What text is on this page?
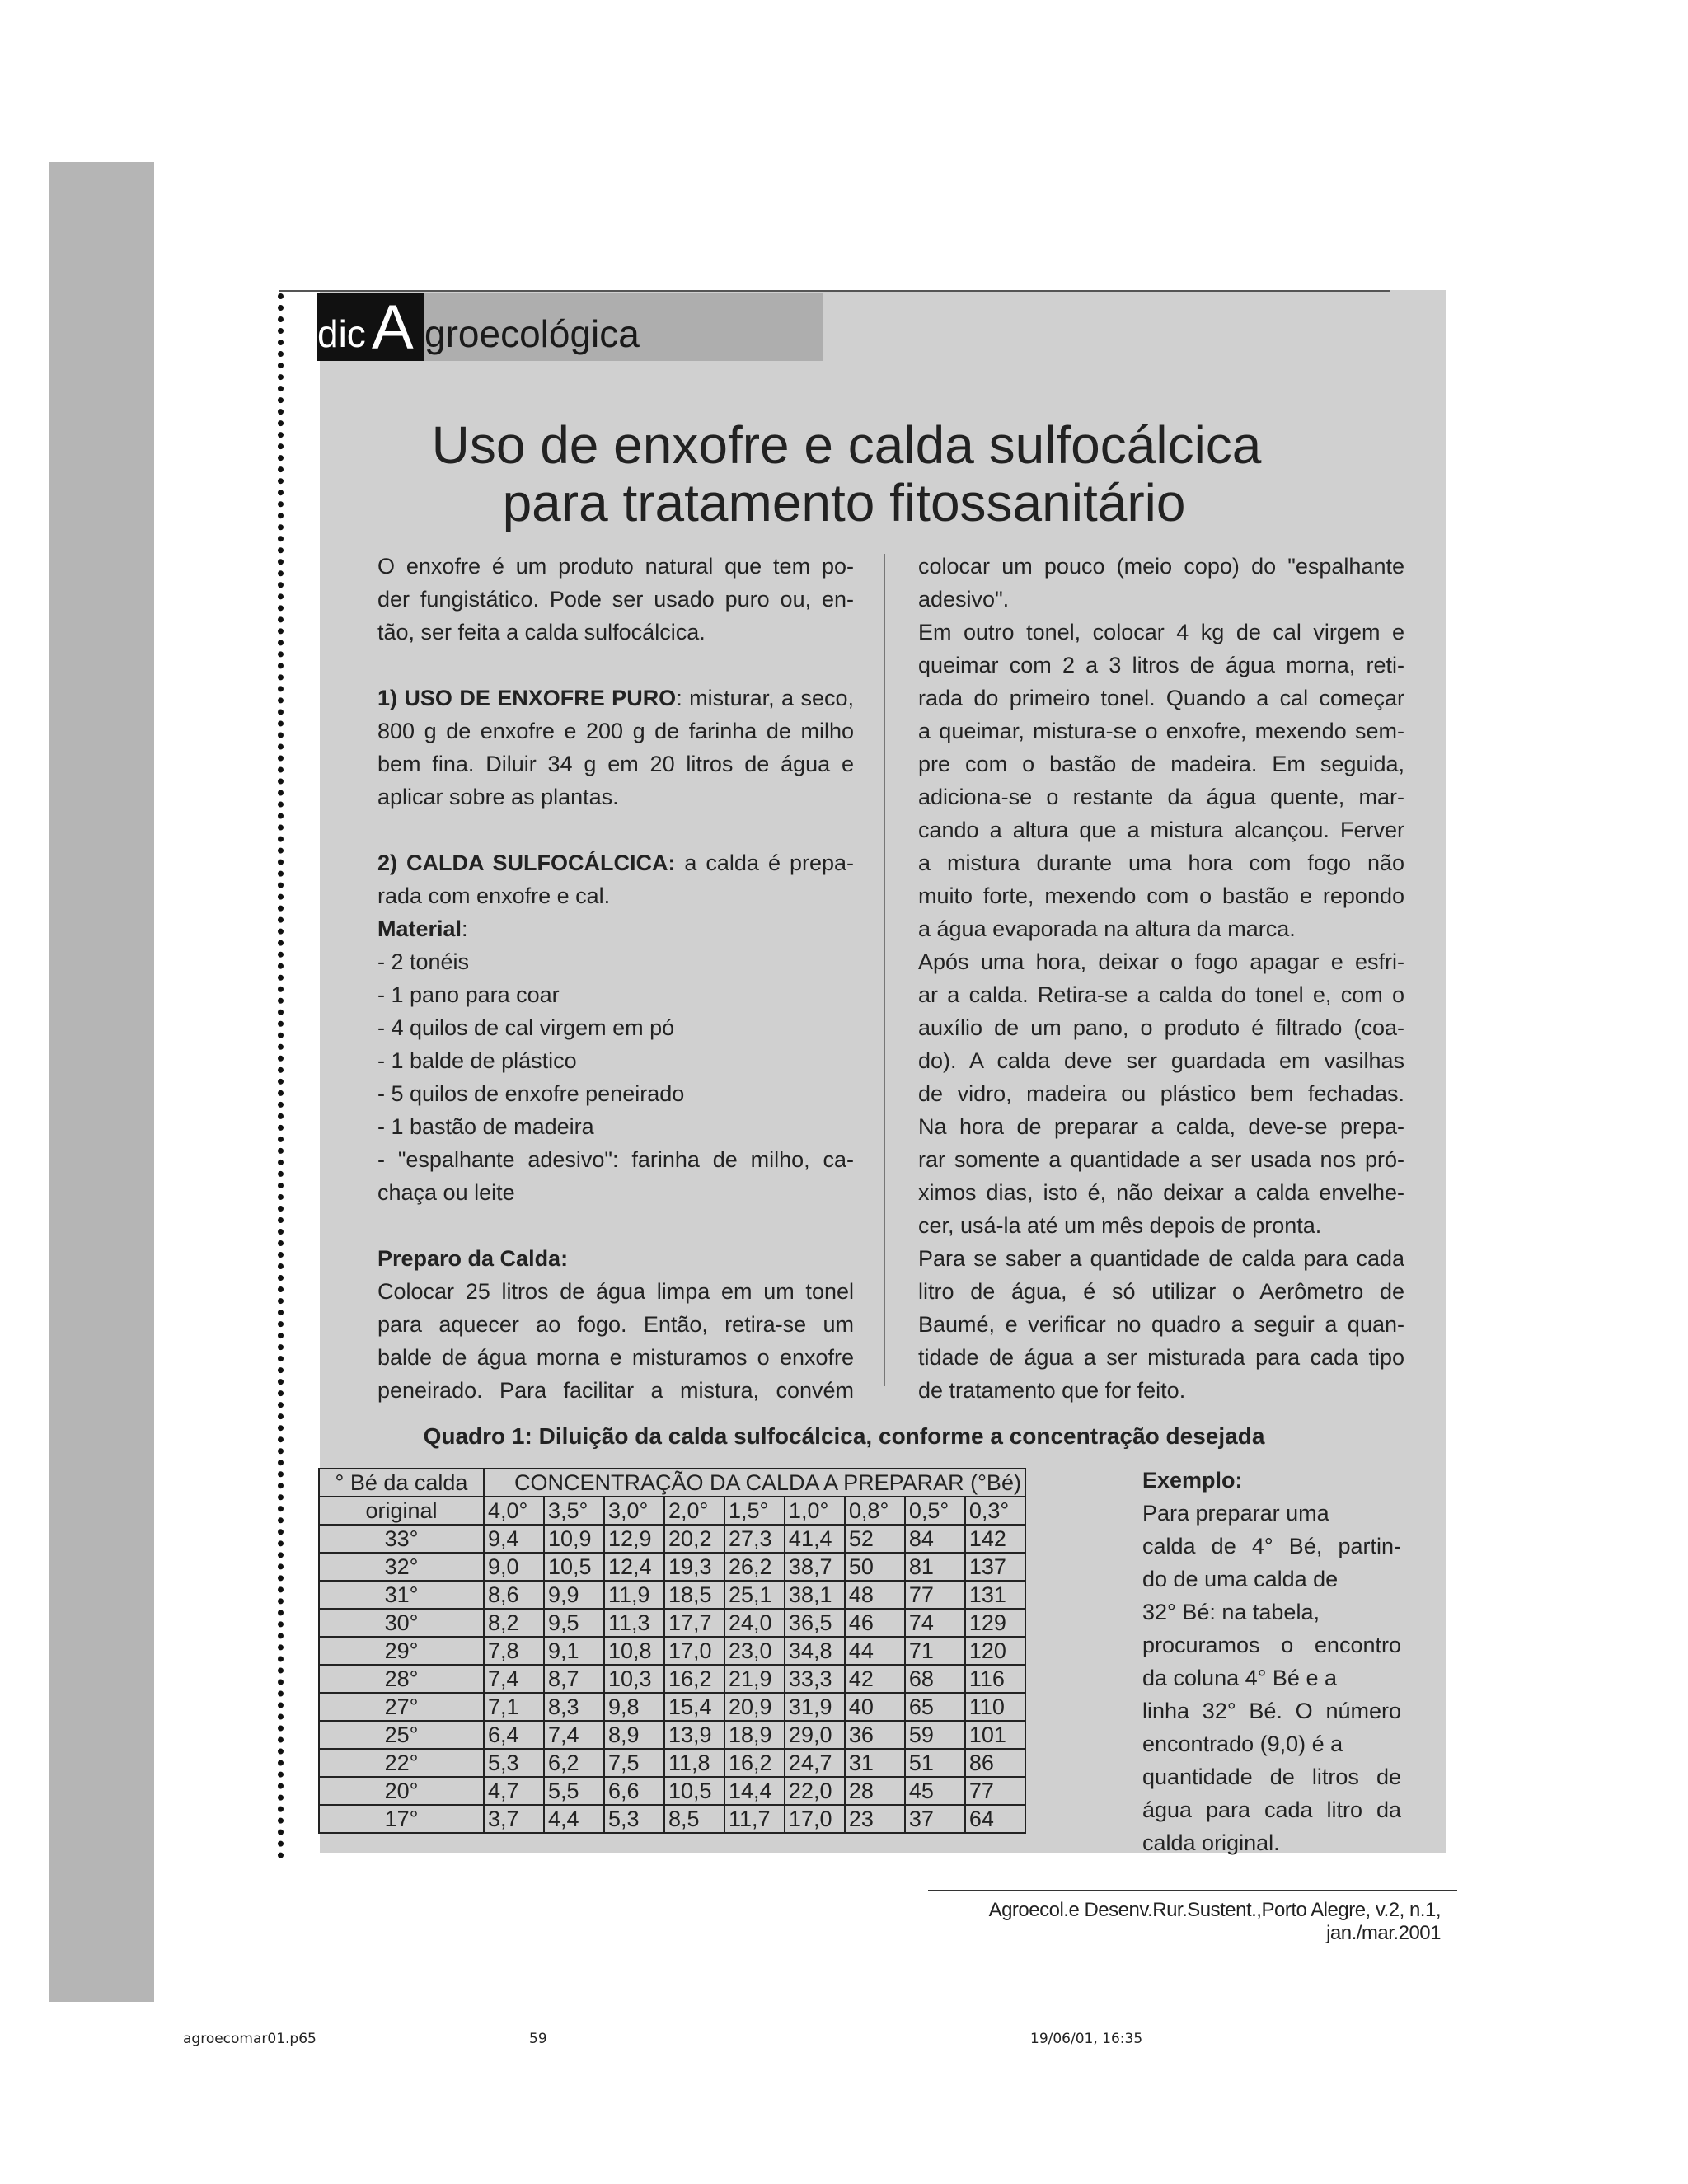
dic A groecológica
Uso de enxofre e calda sulfocálcica
para tratamento fitossanitário
O enxofre é um produto natural que tem po-
der fungistático. Pode ser usado puro ou, en-
tão, ser feita a calda sulfocálcica.

1) USO DE ENXOFRE PURO: misturar, a seco,
800 g de enxofre e 200 g de farinha de milho
bem fina. Diluir 34 g em 20 litros de água e
aplicar sobre as plantas.

2) CALDA SULFOCÁLCICA: a calda é prepa-
rada com enxofre e cal.
Material:
- 2 tonéis
- 1 pano para coar
- 4 quilos de cal virgem em pó
- 1 balde de plástico
- 5 quilos de enxofre peneirado
- 1 bastão de madeira
- "espalhante adesivo": farinha de milho, ca-
chaça ou leite

Preparo da Calda:
Colocar 25 litros de água limpa em um tonel
para aquecer ao fogo. Então, retira-se um
balde de água morna e misturamos o enxofre
peneirado. Para facilitar a mistura, convém
colocar um pouco (meio copo) do "espalhante
adesivo".
Em outro tonel, colocar 4 kg de cal virgem e
queimar com 2 a 3 litros de água morna, reti-
rada do primeiro tonel. Quando a cal começar
a queimar, mistura-se o enxofre, mexendo sem-
pre com o bastão de madeira. Em seguida,
adiciona-se o restante da água quente, mar-
cando a altura que a mistura alcançou. Ferver
a mistura durante uma hora com fogo não
muito forte, mexendo com o bastão e repondo
a água evaporada na altura da marca.
Após uma hora, deixar o fogo apagar e esfri-
ar a calda. Retira-se a calda do tonel e, com o
auxílio de um pano, o produto é filtrado (coa-
do). A calda deve ser guardada em vasilhas
de vidro, madeira ou plástico bem fechadas.
Na hora de preparar a calda, deve-se prepa-
rar somente a quantidade a ser usada nos pró-
ximos dias, isto é, não deixar a calda envelhe-
cer, usá-la até um mês depois de pronta.
Para se saber a quantidade de calda para cada
litro de água, é só utilizar o Aerômetro de
Baumé, e verificar no quadro a seguir a quan-
tidade de água a ser misturada para cada tipo
de tratamento que for feito.
Quadro 1: Diluição da calda sulfocálcica, conforme a concentração desejada
° Bé da calda	CONCENTRAÇÃO DA CALDA A PREPARAR (°Bé)								
original	4,0°	3,5°	3,0°	2,0°	1,5°	1,0°	0,8°	0,5°	0,3°
33°	9,4	10,9	12,9	20,2	27,3	41,4	52	84	142
32°	9,0	10,5	12,4	19,3	26,2	38,7	50	81	137
31°	8,6	9,9	11,9	18,5	25,1	38,1	48	77	131
30°	8,2	9,5	11,3	17,7	24,0	36,5	46	74	129
29°	7,8	9,1	10,8	17,0	23,0	34,8	44	71	120
28°	7,4	8,7	10,3	16,2	21,9	33,3	42	68	116
27°	7,1	8,3	9,8	15,4	20,9	31,9	40	65	110
25°	6,4	7,4	8,9	13,9	18,9	29,0	36	59	101
22°	5,3	6,2	7,5	11,8	16,2	24,7	31	51	86
20°	4,7	5,5	6,6	10,5	14,4	22,0	28	45	77
17°	3,7	4,4	5,3	8,5	11,7	17,0	23	37	64
Exemplo:
Para preparar uma
calda de 4° Bé, partin-
do de uma calda de
32° Bé: na tabela,
procuramos o encontro
da coluna 4° Bé e a
linha 32° Bé. O número
encontrado (9,0) é a
quantidade de litros de
água para cada litro da
calda original.
Agroecol.e Desenv.Rur.Sustent.,Porto Alegre, v.2, n.1, jan./mar.2001
agroecomar01.p65	59	19/06/01, 16:35
